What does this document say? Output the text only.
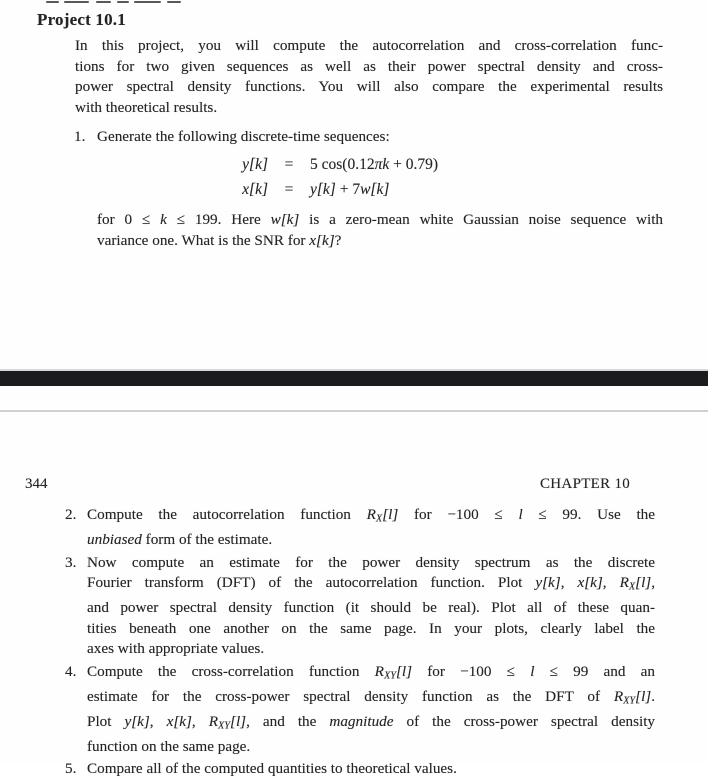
Project 10.1
In this project, you will compute the autocorrelation and cross-correlation func-
tions for two given sequences as well as their power spectral density and cross-
power spectral density functions. You will also compare the experimental results
with theoretical results.
1. Generate the following discrete-time sequences:
y[k]	=	5 cos(0.12πk + 0.79)
x[k]	=	y[k] + 7w[k]
for 0 ≤ k ≤ 199. Here w[k] is a zero-mean white Gaussian noise sequence with
variance one. What is the SNR for x[k]?
344	CHAPTER 10
2. Compute the autocorrelation function RX[l] for −100 ≤ l ≤ 99. Use the
unbiased form of the estimate.
3. Now compute an estimate for the power density spectrum as the discrete
Fourier transform (DFT) of the autocorrelation function. Plot y[k], x[k], RX[l],
and power spectral density function (it should be real). Plot all of these quan-
tities beneath one another on the same page. In your plots, clearly label the
axes with appropriate values.
4. Compute the cross-correlation function RXY[l] for −100 ≤ l ≤ 99 and an
estimate for the cross-power spectral density function as the DFT of RXY[l].
Plot y[k], x[k], RXY[l], and the magnitude of the cross-power spectral density
function on the same page.
5. Compare all of the computed quantities to theoretical values.
